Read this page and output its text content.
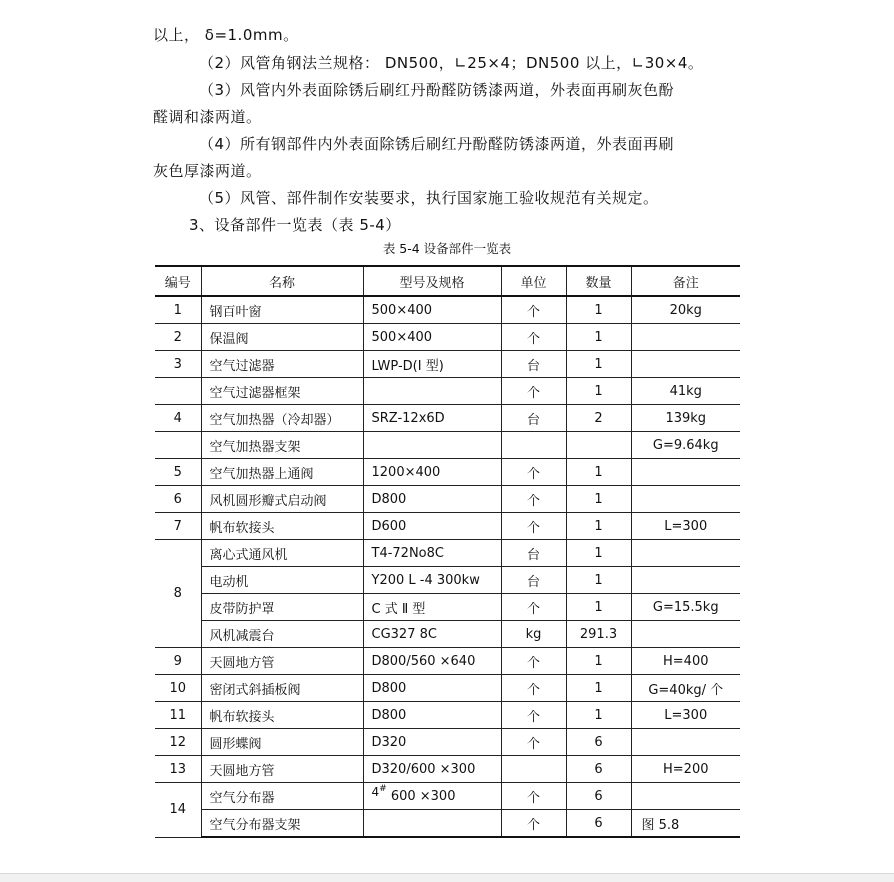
以上， δ=1.0mm。
（2）风管角钢法兰规格： DN500，∟25×4；DN500 以上，∟30×4。
（3）风管内外表面除锈后刷红丹酚醛防锈漆两道，外表面再刷灰色酚
醛调和漆两道。
（4）所有钢部件内外表面除锈后刷红丹酚醛防锈漆两道，外表面再刷
灰色厚漆两道。
（5）风管、部件制作安装要求，执行国家施工验收规范有关规定。
3、设备部件一览表（表 5-4）
表 5-4 设备部件一览表
编号	名称	型号及规格	单位	数量	备注
1	钢百叶窗	500×400	个	1	20kg
2	保温阀	500×400	个	1	
3	空气过滤器	LWP-D(Ⅰ 型)	台	1	
	空气过滤器框架		个	1	41kg
4	空气加热器（冷却器）	SRZ-12x6D	台	2	139kg
	空气加热器支架				G=9.64kg
5	空气加热器上通阀	1200×400	个	1	
6	风机圆形瓣式启动阀	D800	个	1	
7	帆布软接头	D600	个	1	L=300
8	离心式通风机	T4-72No8C	台	1	
	电动机	Y200 L -4 300kw	台	1	
	皮带防护罩	C 式 Ⅱ 型	个	1	G=15.5kg
	风机减震台	CG327 8C	kg	291.3	
9	天圆地方管	D800/560 ×640	个	1	H=400
10	密闭式斜插板阀	D800	个	1	G=40kg/ 个
11	帆布软接头	D800	个	1	L=300
12	圆形蝶阀	D320	个	6	
13	天圆地方管	D320/600 ×300		6	H=200
14	空气分布器	4# 600 ×300	个	6	
	空气分布器支架		个	6	图 5.8
